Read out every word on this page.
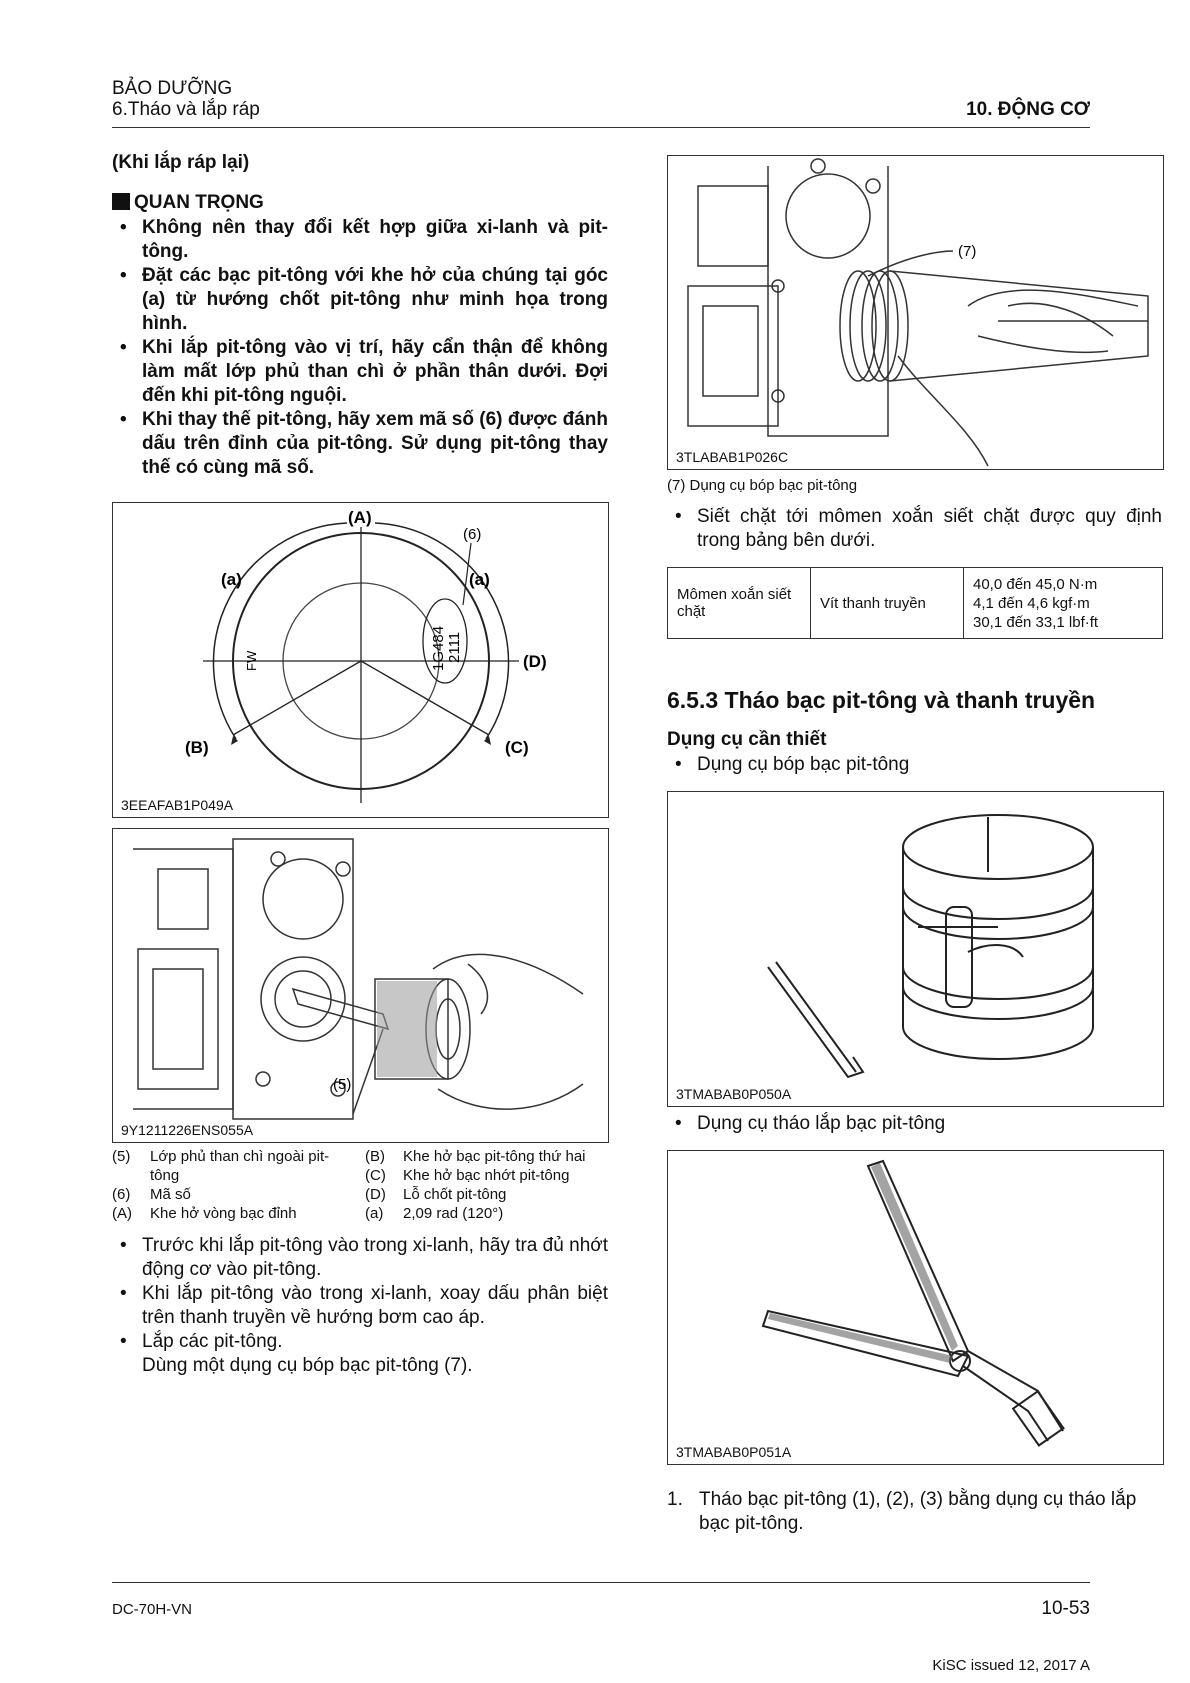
BẢO DƯỠNG
6.Tháo và lắp ráp	10. ĐỘNG CƠ
(Khi lắp ráp lại)
QUAN TRỌNG
• Không nên thay đổi kết hợp giữa xi-lanh và pit-tông.
• Đặt các bạc pit-tông với khe hở của chúng tại góc (a) từ hướng chốt pit-tông như minh họa trong hình.
• Khi lắp pit-tông vào vị trí, hãy cẩn thận để không làm mất lớp phủ than chì ở phần thân dưới. Đợi đến khi pit-tông nguội.
• Khi thay thế pit-tông, hãy xem mã số (6) được đánh dấu trên đỉnh của pit-tông. Sử dụng pit-tông thay thế có cùng mã số.
(A)
(a)	(a)
(6)
(D)
(B)	(C)
FW	1G484 2111
3EEAFAB1P049A
(5)
9Y1211226ENS055A
(5)	Lớp phủ than chì ngoài pit-tông
(6)	Mã số
(A)	Khe hở vòng bạc đỉnh
(B)	Khe hở bạc pit-tông thứ hai
(C)	Khe hở bạc nhớt pit-tông
(D)	Lỗ chốt pit-tông
(a)	2,09 rad (120°)
• Trước khi lắp pit-tông vào trong xi-lanh, hãy tra đủ nhớt động cơ vào pit-tông.
• Khi lắp pit-tông vào trong xi-lanh, xoay dấu phân biệt trên thanh truyền về hướng bơm cao áp.
• Lắp các pit-tông.
Dùng một dụng cụ bóp bạc pit-tông (7).
(7)
3TLABAB1P026C
(7) Dụng cụ bóp bạc pit-tông
• Siết chặt tới mômen xoắn siết chặt được quy định trong bảng bên dưới.
Mômen xoắn siết chặt	Vít thanh truyền	
40,0 đến 45,0 N·m
4,1 đến 4,6 kgf·m
30,1 đến 33,1 lbf·ft
6.5.3 Tháo bạc pit-tông và thanh truyền
Dụng cụ cần thiết
• Dụng cụ bóp bạc pit-tông
3TMABAB0P050A
• Dụng cụ tháo lắp bạc pit-tông
3TMABAB0P051A
1. Tháo bạc pit-tông (1), (2), (3) bằng dụng cụ tháo lắp bạc pit-tông.
DC-70H-VN	10-53
KiSC issued 12, 2017 A
